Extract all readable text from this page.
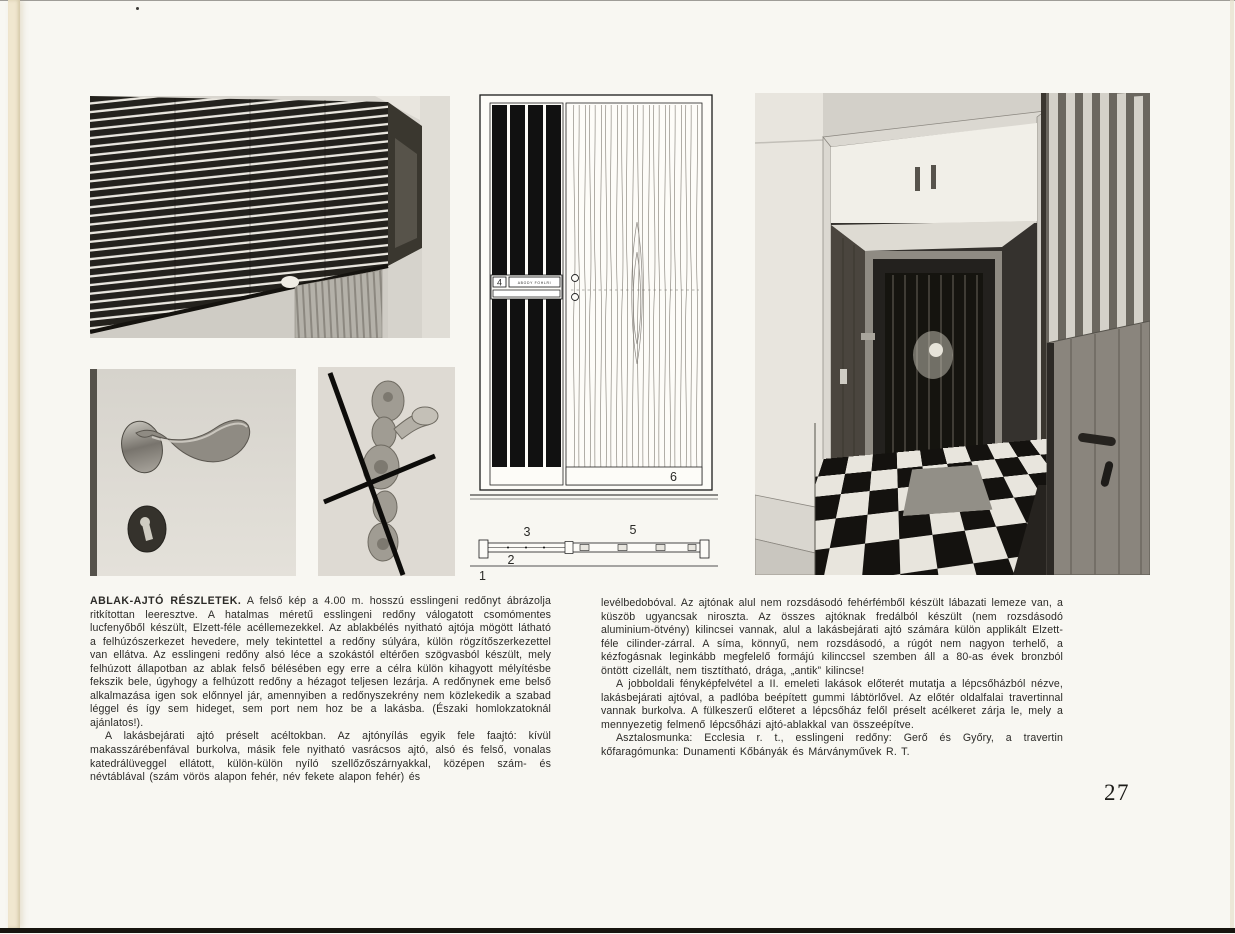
4	ABODY FOHLRI
6
3	5
2
1

ABLAK-AJTÓ RÉSZLETEK. A felső kép a 4.00 m. hosszú esslingeni redőnyt ábrázolja ritkítottan leeresztve. A hatalmas méretű esslingeni redőny válogatott csomómentes lucfenyőből készült, Elzett-féle acéllemezekkel. Az ablakbélés nyitható ajtója mögött látható a felhúzószerkezet hevedere, mely tekintettel a redőny súlyára, külön rögzítőszerkezettel van ellátva. Az esslingeni redőny alsó léce a szokástól eltérően szögvasból készült, mely felhúzott állapotban az ablak felső bélésében egy erre a célra külön kihagyott mélyítésbe fekszik bele, úgyhogy a felhúzott redőny a hézagot teljesen lezárja. A redőnynek eme belső alkalmazása igen sok előnnyel jár, amennyiben a redőnyszekrény nem közlekedik a szabad léggel és így sem hideget, sem port nem hoz be a lakásba. (Északi homlokzatoknál ajánlatos!).

A lakásbejárati ajtó préselt acéltokban. Az ajtónyílás egyik fele faajtó: kívül makasszárébenfával burkolva, másik fele nyitható vasrácsos ajtó, alsó és felső, vonalas katedrálüveggel ellátott, külön-külön nyíló szellőzőszárnyakkal, középen szám- és névtáblával (szám vörös alapon fehér, név fekete alapon fehér) és

levélbedobóval. Az ajtónak alul nem rozsdásodó fehérfémből készült lábazati lemeze van, a küszöb ugyancsak niroszta. Az összes ajtóknak fredálból készült (nem rozsdásodó aluminium-ötvény) kilincsei vannak, alul a lakásbejárati ajtó számára külön applikált Elzett-féle cilinder-zárral. A síma, könnyű, nem rozsdásodó, a rúgót nem nagyon terhelő, a kézfogásnak leginkább megfelelő formájú kilinccsel szemben áll a 80-as évek bronzból öntött cizellált, nem tisztítható, drága, „antik” kilincse!

A jobboldali fényképfelvétel a II. emeleti lakások előterét mutatja a lépcsőházból nézve, lakásbejárati ajtóval, a padlóba beépített gummi lábtörlővel. Az előtér oldalfalai travertinnal vannak burkolva. A fülkeszerű előteret a lépcsőház felől préselt acélkeret zárja le, mely a mennyezetig felmenő lépcsőházi ajtó-ablakkal van összeépítve.

Asztalosmunka: Ecclesia r. t., esslingeni redőny: Gerő és Győry, a travertin kőfaragómunka: Dunamenti Kőbányák és Márványművek R. T.

27
